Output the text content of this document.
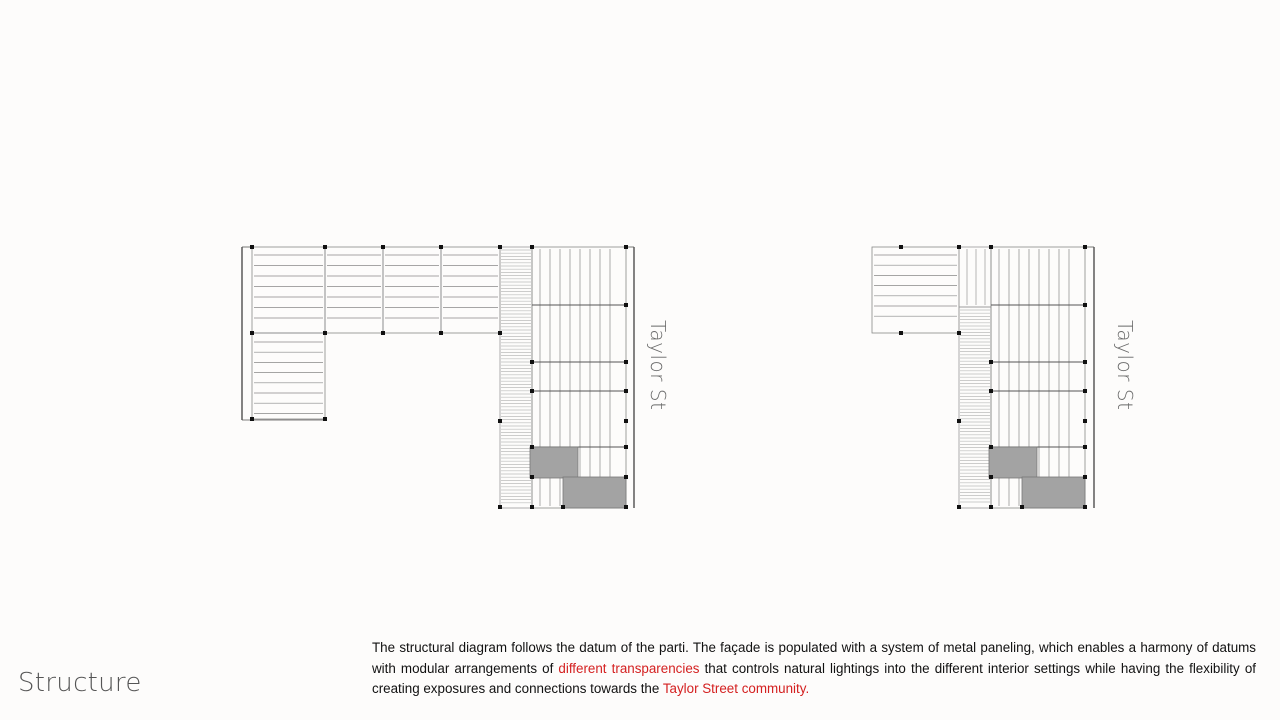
Taylor St	Taylor St
Structure

The structural diagram follows the datum of the parti. The façade is populated with a system of metal paneling, which enables a harmony of datums with modular arrangements of different transparencies that controls natural lightings into the different interior settings while having the flexibility of creating exposures and connections towards the Taylor Street community.
